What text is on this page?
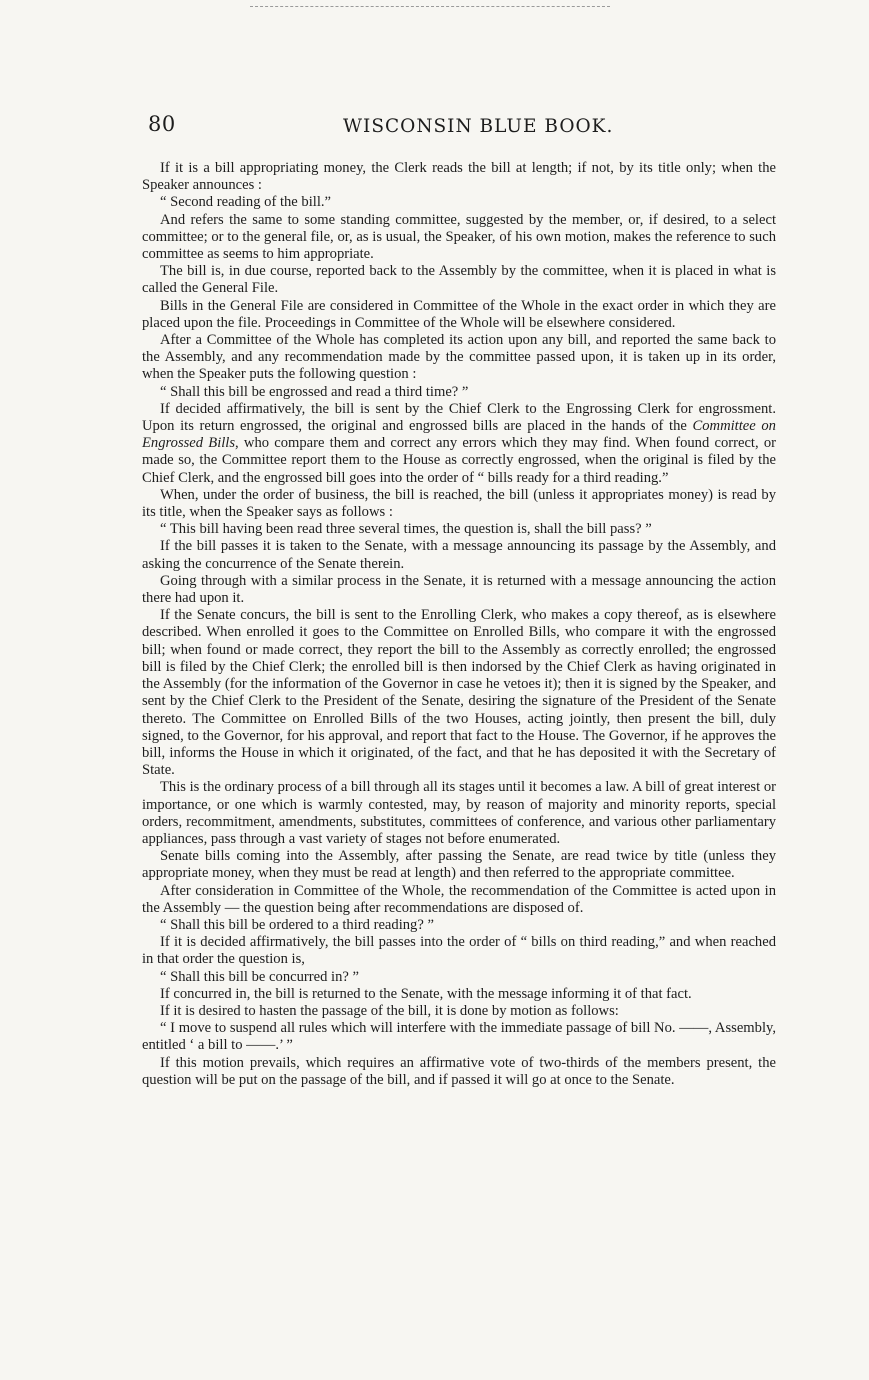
80	WISCONSIN BLUE BOOK.

If it is a bill appropriating money, the Clerk reads the bill at length; if not, by its title only; when the Speaker announces :

“ Second reading of the bill.”

And refers the same to some standing committee, suggested by the member, or, if desired, to a select committee; or to the general file, or, as is usual, the Speaker, of his own motion, makes the reference to such committee as seems to him appropriate.

The bill is, in due course, reported back to the Assembly by the committee, when it is placed in what is called the General File.

Bills in the General File are considered in Committee of the Whole in the exact order in which they are placed upon the file. Proceedings in Committee of the Whole will be elsewhere considered.

After a Committee of the Whole has completed its action upon any bill, and reported the same back to the Assembly, and any recommendation made by the committee passed upon, it is taken up in its order, when the Speaker puts the following question :

“ Shall this bill be engrossed and read a third time? ”

If decided affirmatively, the bill is sent by the Chief Clerk to the Engrossing Clerk for engrossment. Upon its return engrossed, the original and engrossed bills are placed in the hands of the Committee on Engrossed Bills, who compare them and correct any errors which they may find. When found correct, or made so, the Committee report them to the House as correctly engrossed, when the original is filed by the Chief Clerk, and the engrossed bill goes into the order of “ bills ready for a third reading.”

When, under the order of business, the bill is reached, the bill (unless it appropriates money) is read by its title, when the Speaker says as follows :

“ This bill having been read three several times, the question is, shall the bill pass? ”

If the bill passes it is taken to the Senate, with a message announcing its passage by the Assembly, and asking the concurrence of the Senate therein.

Going through with a similar process in the Senate, it is returned with a message announcing the action there had upon it.

If the Senate concurs, the bill is sent to the Enrolling Clerk, who makes a copy thereof, as is elsewhere described. When enrolled it goes to the Committee on Enrolled Bills, who compare it with the engrossed bill; when found or made correct, they report the bill to the Assembly as correctly enrolled; the engrossed bill is filed by the Chief Clerk; the enrolled bill is then indorsed by the Chief Clerk as having originated in the Assembly (for the information of the Governor in case he vetoes it); then it is signed by the Speaker, and sent by the Chief Clerk to the President of the Senate, desiring the signature of the President of the Senate thereto. The Committee on Enrolled Bills of the two Houses, acting jointly, then present the bill, duly signed, to the Governor, for his approval, and report that fact to the House. The Governor, if he approves the bill, informs the House in which it originated, of the fact, and that he has deposited it with the Secretary of State.

This is the ordinary process of a bill through all its stages until it becomes a law. A bill of great interest or importance, or one which is warmly contested, may, by reason of majority and minority reports, special orders, recommitment, amendments, substitutes, committees of conference, and various other parliamentary appliances, pass through a vast variety of stages not before enumerated.

Senate bills coming into the Assembly, after passing the Senate, are read twice by title (unless they appropriate money, when they must be read at length) and then referred to the appropriate committee.

After consideration in Committee of the Whole, the recommendation of the Committee is acted upon in the Assembly — the question being after recommendations are disposed of.

“ Shall this bill be ordered to a third reading? ”

If it is decided affirmatively, the bill passes into the order of “ bills on third reading,” and when reached in that order the question is,

“ Shall this bill be concurred in? ”

If concurred in, the bill is returned to the Senate, with the message informing it of that fact.

If it is desired to hasten the passage of the bill, it is done by motion as follows:

“ I move to suspend all rules which will interfere with the immediate passage of bill No. ——, Assembly, entitled ‘ a bill to ——.’ ”

If this motion prevails, which requires an affirmative vote of two-thirds of the members present, the question will be put on the passage of the bill, and if passed it will go at once to the Senate.
